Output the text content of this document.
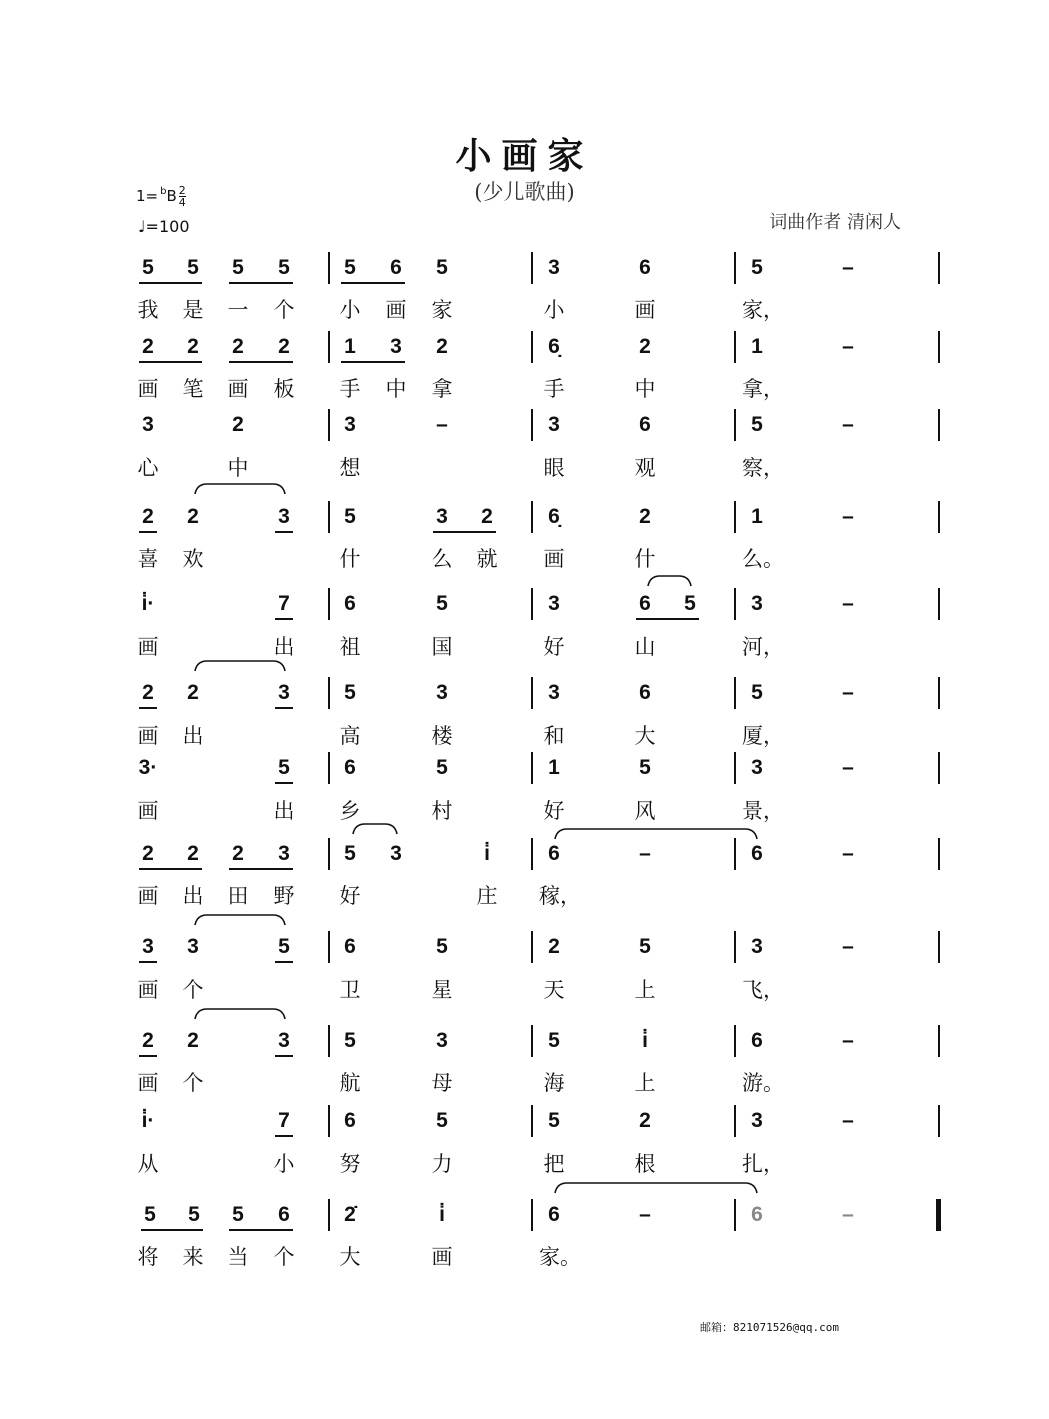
小画家
(少儿歌曲)
$1= ^bB \frac{2}{4}$
♩=100	词曲作者 清闲人
5	5	5	5	5	6	5	3	6	5	–
我 是 一 个 小 画 家	小	画	家，
2	2	2	2	1	3	2	6̣	2	1	–
画 笔 画 板 手 中 拿	手	中	拿，
3	2	3	–	3	6	5	–
心	中	想	眼	观	察，
2	2	3	5	3	2	6̣	2	1	–
喜 欢	什	么 就 画	什	么。
i̇·	7	6	5	3	6	5	3	–
画	出 祖	国	好	山	河，
2	2	3	5	3	3	6	5	–
画 出	高	楼	和	大	厦，
3·	5	6	5	1	5	3	–
画	出 乡	村	好	风	景，
2	2	2	3	5	3	i̇	6	–	6	–
画 出 田 野 好	庄 稼，
3	3	5	6	5	2	5	3	–
画 个	卫	星	天	上	飞，
2	2	3	5	3	5	i̇	6	–
画 个	航	母	海	上	游。
i̇·	7	6	5	5	2	3	–
从	小 努	力	把	根	扎，
5	5	5	6	2̇	i̇	6	–	6	–
将 来 当 个 大	画	家。
邮箱：821071526@qq.com
